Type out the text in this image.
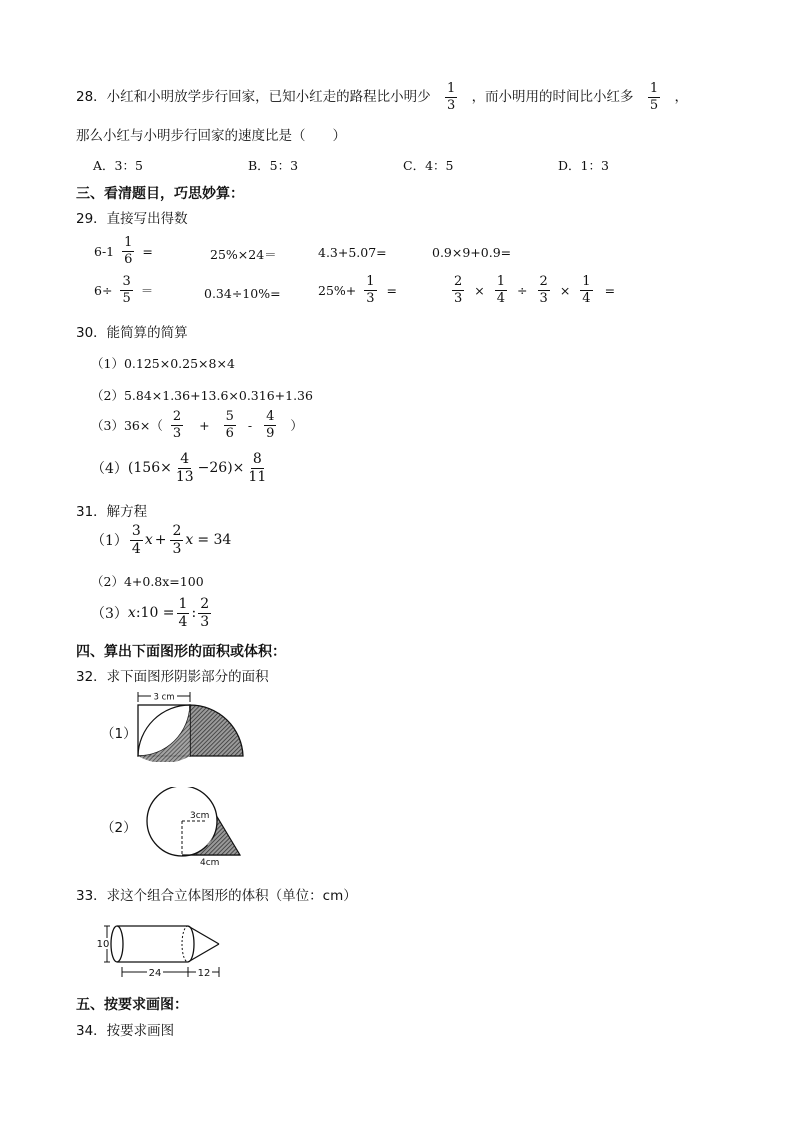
28．小红和小明放学步行回家，已知小红走的路程比小明少 $\frac{1}{3}$ ，而小明用的时间比小红多 $\frac{1}{5}$ ，
那么小红与小明步行回家的速度比是（　　）
A．3：5	B．5：3	C．4：5	D．1：3
三、看清题目，巧思妙算：
29．直接写出得数
$6-1 \frac{1}{6}$ =	25%×24＝	4.3+5.07=	0.9×9+0.9=
$6\div \frac{3}{5}$ ＝	0.34÷10%=	$25\%+ \frac{1}{3}$ =	$\frac{2}{3} \times \frac{1}{4} \div \frac{2}{3} \times \frac{1}{4}$ =
30．能简算的简算
（1）0.125×0.25×8×4
（2）5.84×1.36+13.6×0.316+1.36
$(3)36\times( \frac{2}{3} + \frac{5}{6} - \frac{4}{9}$ ）
（4） $(156\times \frac{4}{13} -26)\times \frac{8}{11}$
31．解方程
$(1) \frac{3}{4}$ $x + \frac{2}{3}$ x = 34
（2）4+0.8x=100
（3） x :10 = $\frac{1}{4}$ : $\frac{2}{3}$
四、算出下面图形的面积或体积：
32．求下面图形阴影部分的面积
（1）
3 cm
（2）
3cm
4cm
33．求这个组合立体图形的体积（单位：cm）
10
24	12
五、按要求画图：
34．按要求画图
